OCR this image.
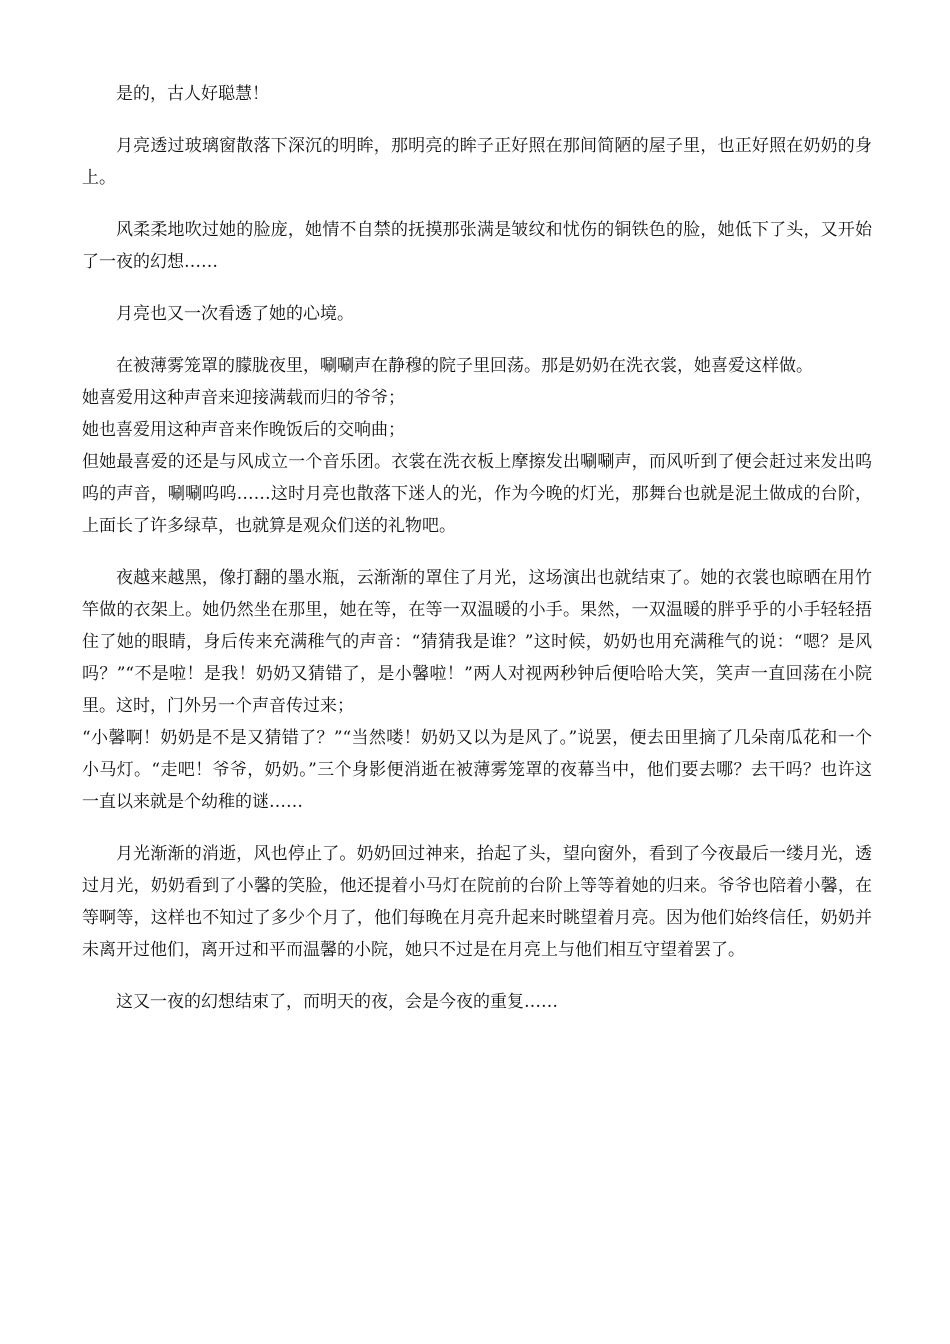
是的，古人好聪慧！

月亮透过玻璃窗散落下深沉的明眸，那明亮的眸子正好照在那间简陋的屋子里，也正好照在奶奶的身上。

风柔柔地吹过她的脸庞，她情不自禁的抚摸那张满是皱纹和忧伤的铜铁色的脸，她低下了头，又开始了一夜的幻想……

月亮也又一次看透了她的心境。

在被薄雾笼罩的朦胧夜里，唰唰声在静穆的院子里回荡。那是奶奶在洗衣裳，她喜爱这样做。

她喜爱用这种声音来迎接满载而归的爷爷；

她也喜爱用这种声音来作晚饭后的交响曲；

但她最喜爱的还是与风成立一个音乐团。衣裳在洗衣板上摩擦发出唰唰声，而风听到了便会赶过来发出呜呜的声音，唰唰呜呜……这时月亮也散落下迷人的光，作为今晚的灯光，那舞台也就是泥土做成的台阶，上面长了许多绿草，也就算是观众们送的礼物吧。

夜越来越黑，像打翻的墨水瓶，云渐渐的罩住了月光，这场演出也就结束了。她的衣裳也晾晒在用竹竿做的衣架上。她仍然坐在那里，她在等，在等一双温暖的小手。果然，一双温暖的胖乎乎的小手轻轻捂住了她的眼睛，身后传来充满稚气的声音：“猜猜我是谁？”这时候，奶奶也用充满稚气的说：“嗯？是风吗？”“不是啦！是我！奶奶又猜错了，是小馨啦！”两人对视两秒钟后便哈哈大笑，笑声一直回荡在小院里。这时，门外另一个声音传过来；

“小馨啊！奶奶是不是又猜错了？”“当然喽！奶奶又以为是风了。”说罢，便去田里摘了几朵南瓜花和一个小马灯。“走吧！爷爷，奶奶。”三个身影便消逝在被薄雾笼罩的夜幕当中，他们要去哪？去干吗？也许这一直以来就是个幼稚的谜……

月光渐渐的消逝，风也停止了。奶奶回过神来，抬起了头，望向窗外，看到了今夜最后一缕月光，透过月光，奶奶看到了小馨的笑脸，他还提着小马灯在院前的台阶上等等着她的归来。爷爷也陪着小馨，在等啊等，这样也不知过了多少个月了，他们每晚在月亮升起来时眺望着月亮。因为他们始终信任，奶奶并未离开过他们，离开过和平而温馨的小院，她只不过是在月亮上与他们相互守望着罢了。

这又一夜的幻想结束了，而明天的夜，会是今夜的重复……
